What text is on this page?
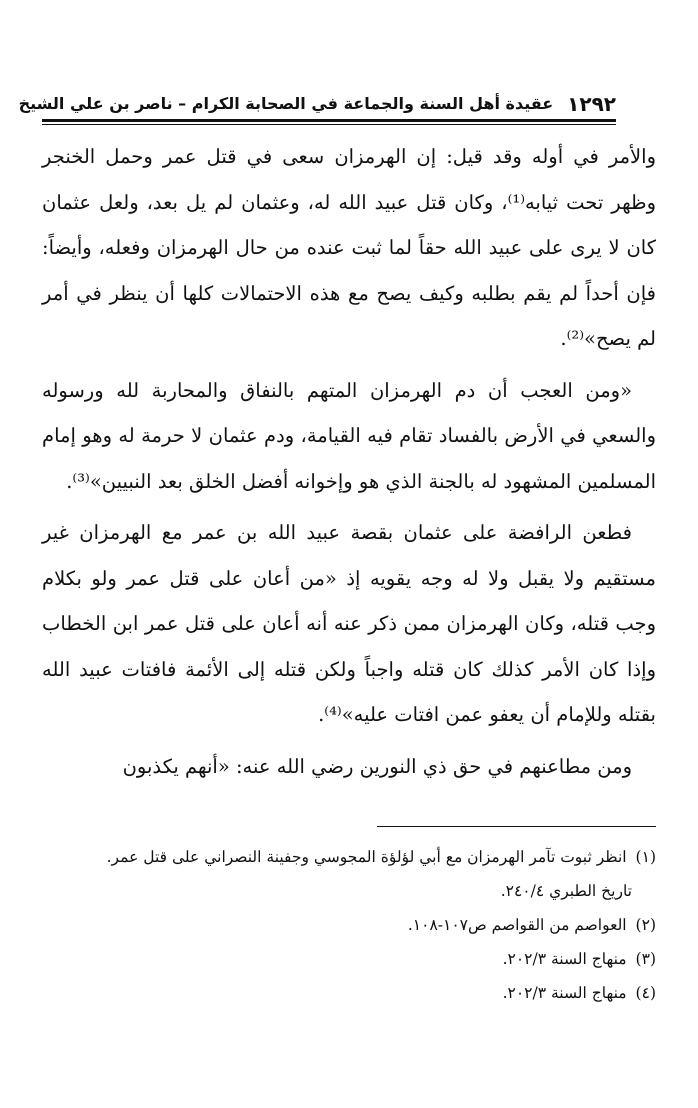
١٢٩٢
عقيدة أهل السنة والجماعة في الصحابة الكرام – ناصر بن علي الشيخ

والأمر في أوله وقد قيل: إن الهرمزان سعى في قتل عمر وحمل الخنجر وظهر تحت ثيابه⁽¹⁾، وكان قتل عبيد الله له، وعثمان لم يل بعد، ولعل عثمان كان لا يرى على عبيد الله حقاً لما ثبت عنده من حال الهرمزان وفعله، وأيضاً: فإن أحداً لم يقم بطلبه وكيف يصح مع هذه الاحتمالات كلها أن ينظر في أمر لم يصح»⁽²⁾.

«ومن العجب أن دم الهرمزان المتهم بالنفاق والمحاربة لله ورسوله والسعي في الأرض بالفساد تقام فيه القيامة، ودم عثمان لا حرمة له وهو إمام المسلمين المشهود له بالجنة الذي هو وإخوانه أفضل الخلق بعد النبيين»⁽³⁾.

فطعن الرافضة على عثمان بقصة عبيد الله بن عمر مع الهرمزان غير مستقيم ولا يقبل ولا له وجه يقويه إذ «من أعان على قتل عمر ولو بكلام وجب قتله، وكان الهرمزان ممن ذكر عنه أنه أعان على قتل عمر ابن الخطاب وإذا كان الأمر كذلك كان قتله واجباً ولكن قتله إلى الأئمة فافتات عبيد الله بقتله وللإمام أن يعفو عمن افتات عليه»⁽⁴⁾.

ومن مطاعنهم في حق ذي النورين رضي الله عنه: «أنهم يكذبون

(١) انظر ثبوت تآمر الهرمزان مع أبي لؤلؤة المجوسي وجفينة النصراني على قتل عمر.

تاريخ الطبري ٢٤٠/٤.

(٢) العواصم من القواصم ص١٠٧-١٠٨.

(٣) منهاج السنة ٢٠٢/٣.

(٤) منهاج السنة ٢٠٢/٣.
